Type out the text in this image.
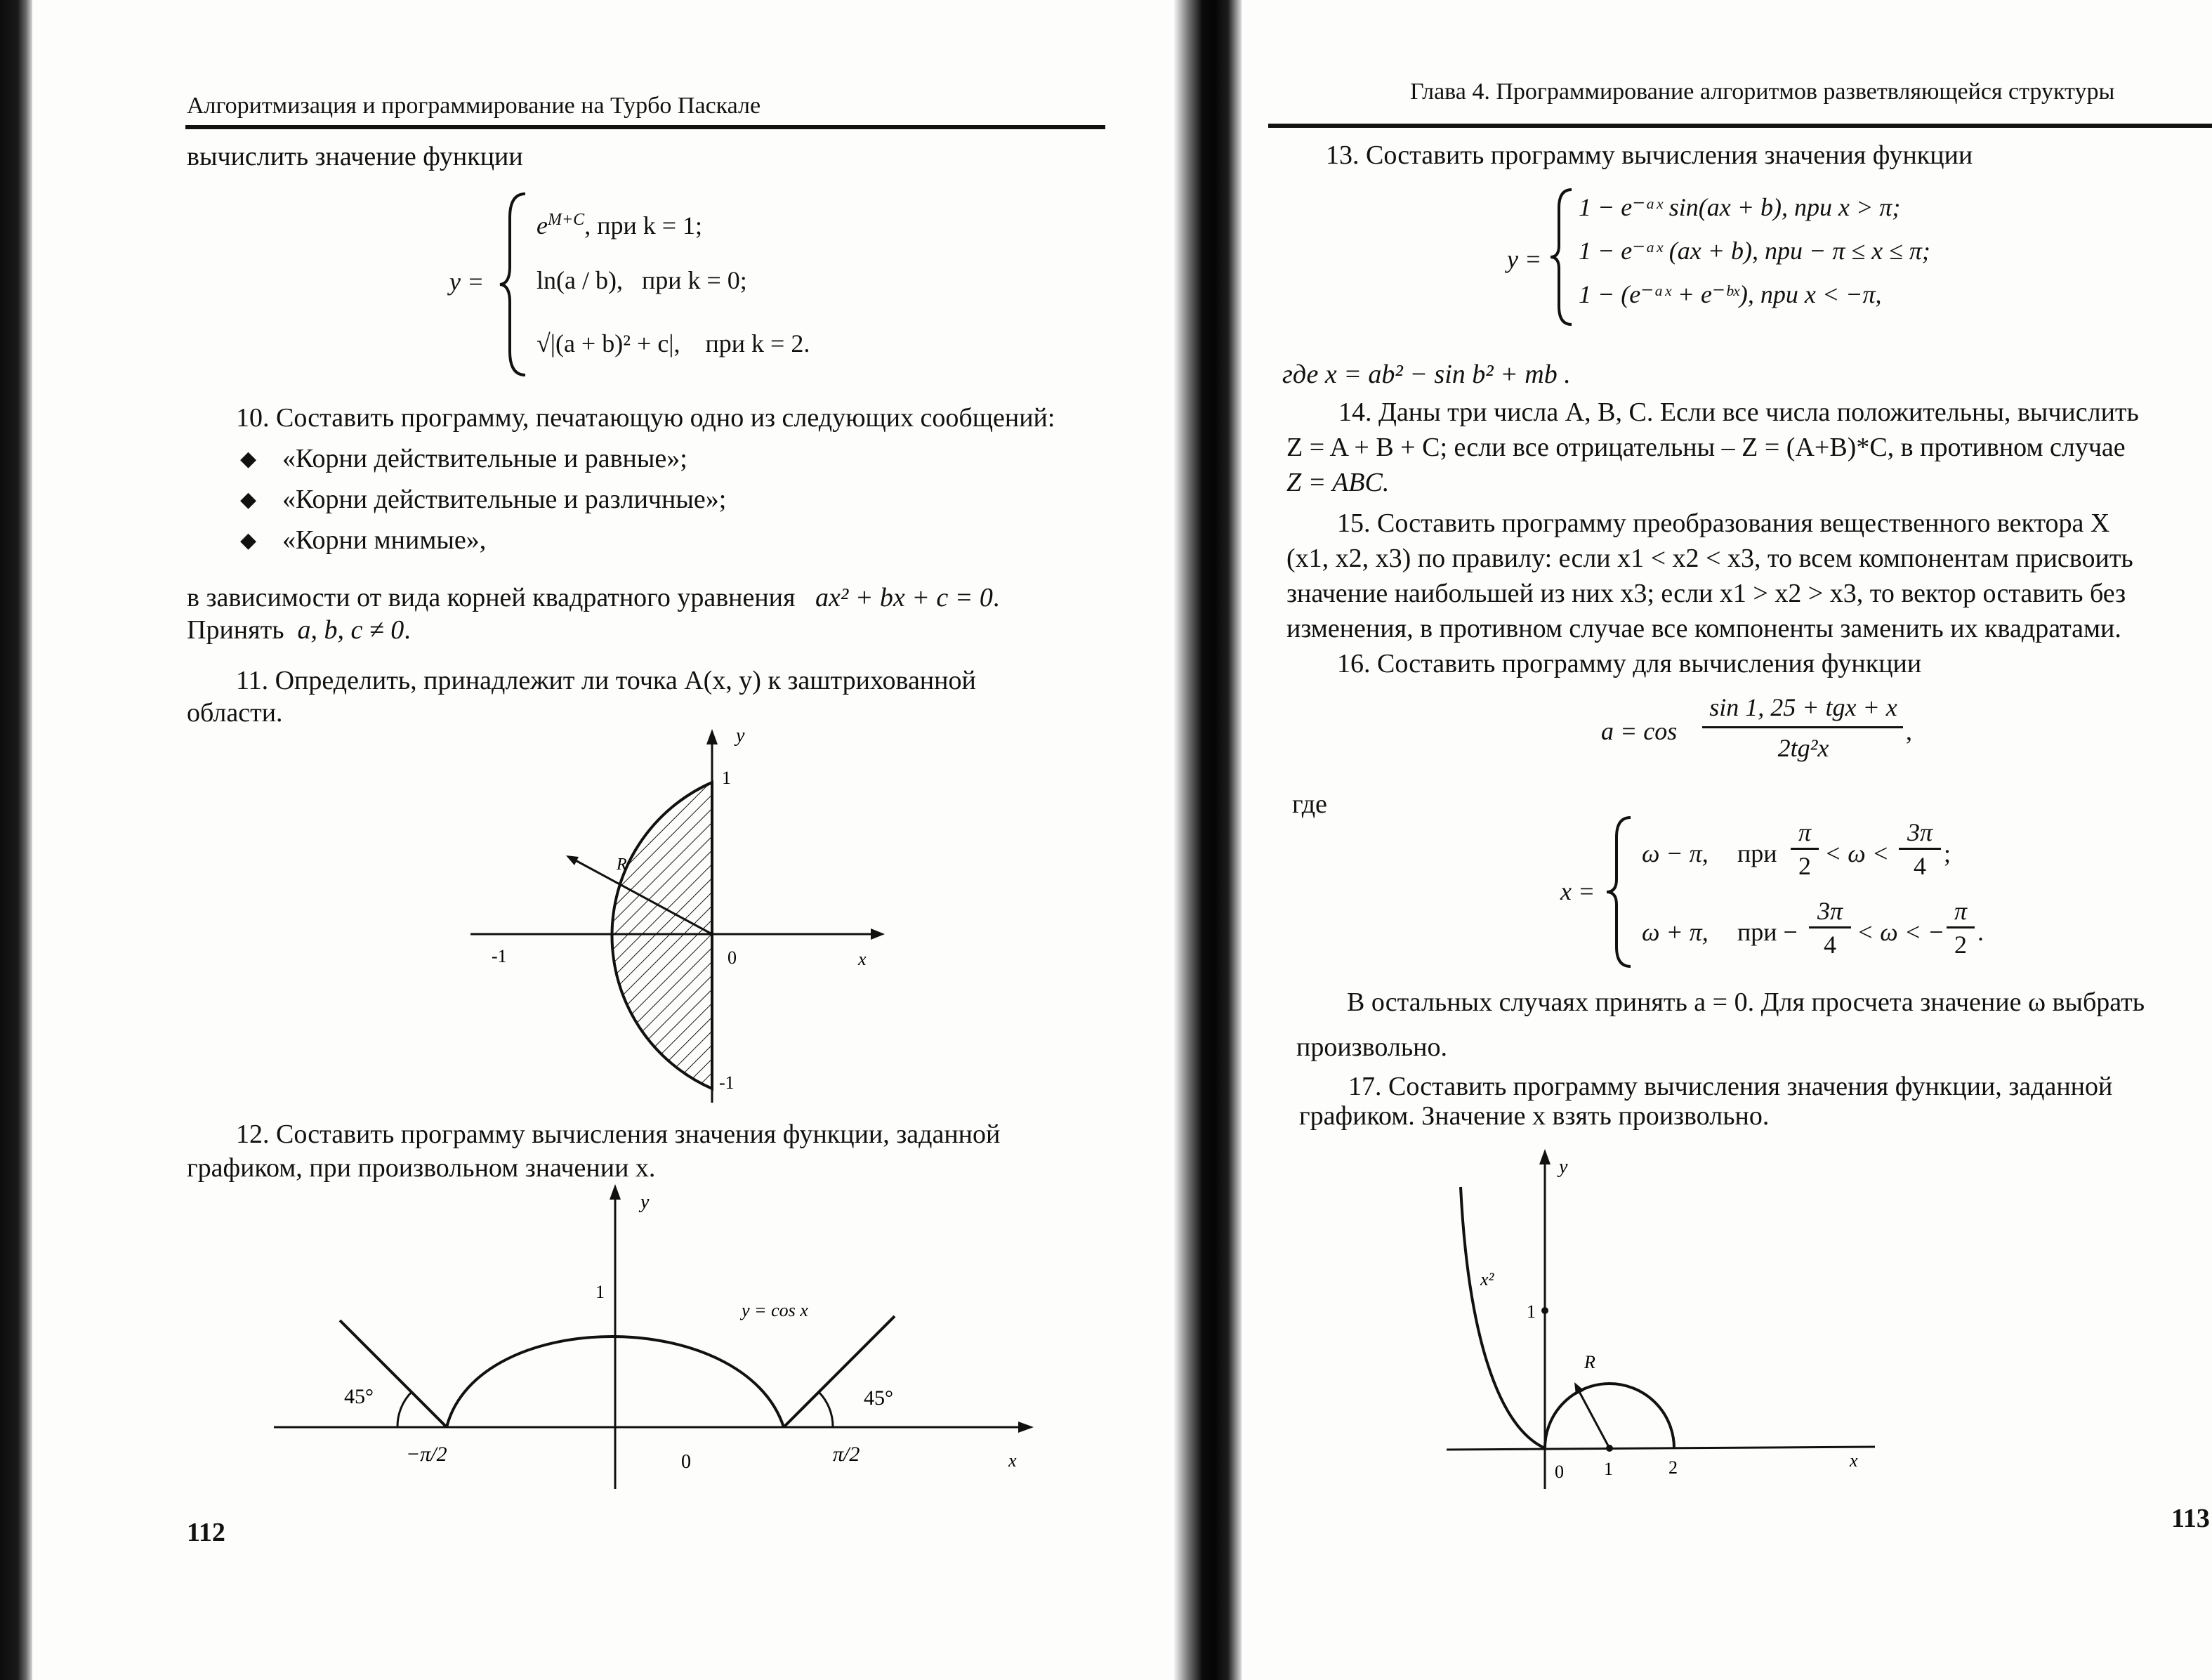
Алгоритмизация и программирование на Турбо Паскале
вычислить значение функции
y =
$e^{M+C}$, при k = 1;
ln(a / b), при k = 0;
√|(a + b)² + c|, при k = 2.
10. Составить программу, печатающую одно из следующих сообщений:
◆ «Корни действительные и равные»;
◆ «Корни действительные и различные»;
◆ «Корни мнимые»,
в зависимости от вида корней квадратного уравнения ax² + bx + c = 0.
Принять a, b, c ≠ 0.
11. Определить, принадлежит ли точка A(x, y) к заштрихованной
области.
y
1
R
-1	0	x
-1
12. Составить программу вычисления значения функции, заданной
графиком, при произвольном значении x.
y
1
y = cos x
45°	45°
−π/2	0	π/2	x
112
Глава 4. Программирование алгоритмов разветвляющейся структуры
13. Составить программу вычисления значения функции
y =
1 − e⁻ᵃˣ sin(ax + b), при x > π;
1 − e⁻ᵃˣ (ax + b), при − π ≤ x ≤ π;
1 − (e⁻ᵃˣ + e⁻ᵇˣ), при x < −π,
где x = ab² − sin b² + mb .
14. Даны три числа A, B, C. Если все числа положительны, вычислить
Z = A + B + C; если все отрицательны – Z = (A+B)*C, в противном случае
Z = ABC.
15. Составить программу преобразования вещественного вектора X
(x1, x2, x3) по правилу: если x1 < x2 < x3, то всем компонентам присвоить
значение наибольшей из них x3; если x1 > x2 > x3, то вектор оставить без
изменения, в противном случае все компоненты заменить их квадратами.
16. Составить программу для вычисления функции
a = cos
sin 1, 25 + tgx + x
2tg²x
,
где
x =
ω − π, при
π
2 < ω <
3π
4 ;
ω + π, при −
3π
4 < ω < −
π
2 .
В остальных случаях принять a = 0. Для просчета значение ω выбрать
произвольно.
17. Составить программу вычисления значения функции, заданной
графиком. Значение x взять произвольно.
y
x²
1
R
0 1	2	x
113
